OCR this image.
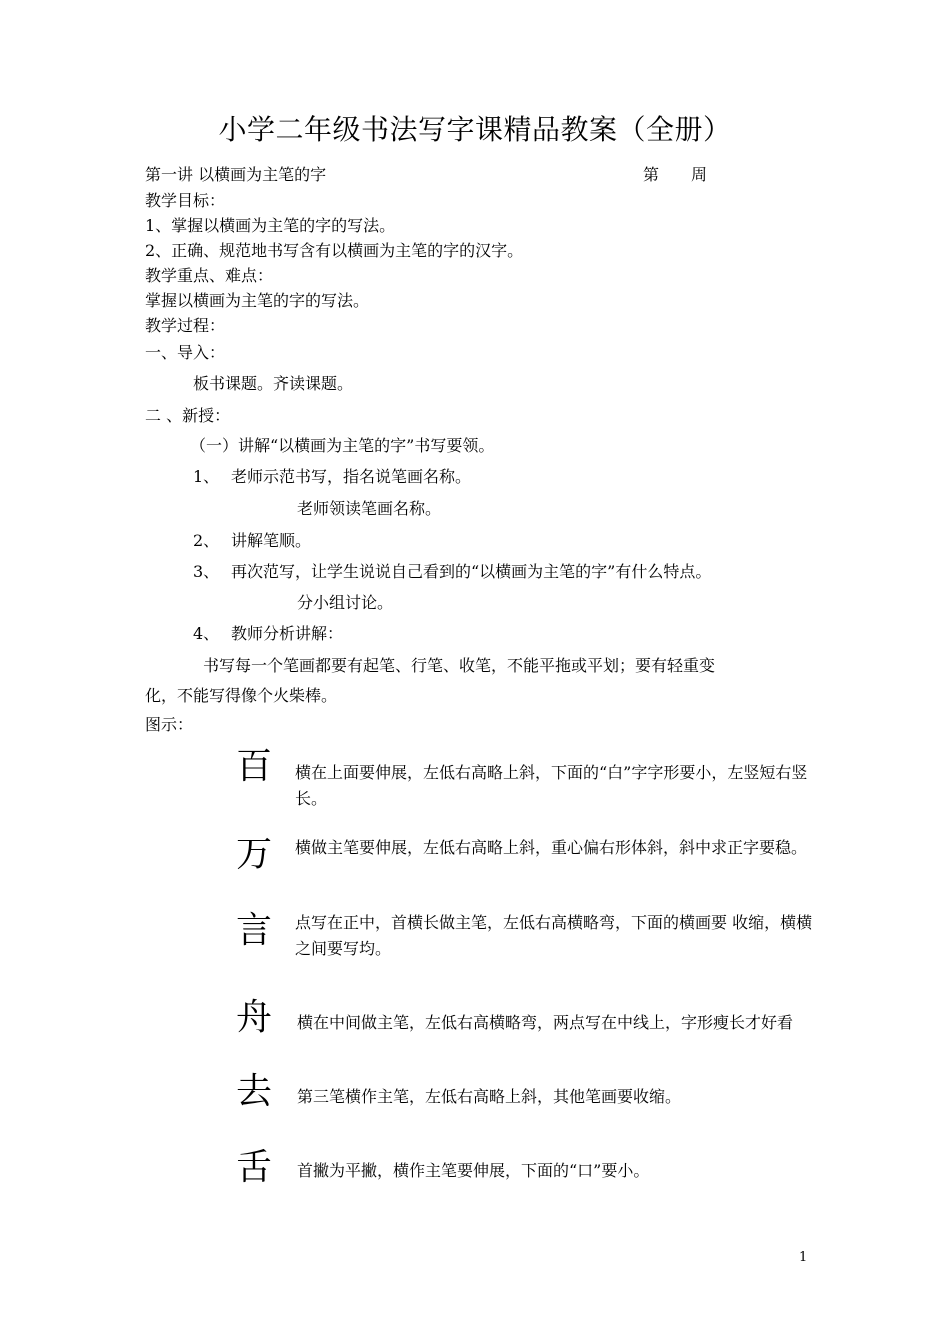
小学二年级书法写字课精品教案（全册）
第一讲 以横画为主笔的字	第 周
教学目标：
1、掌握以横画为主笔的字的写法。
2、正确、规范地书写含有以横画为主笔的字的汉字。
教学重点、难点：
掌握以横画为主笔的字的写法。
教学过程：
一、导入：
板书课题。齐读课题。
二 、新授：
（一）讲解“以横画为主笔的字”书写要领。
1、 老师示范书写，指名说笔画名称。
老师领读笔画名称。
2、 讲解笔顺。
3、 再次范写，让学生说说自己看到的“以横画为主笔的字”有什么特点。
分小组讨论。
4、 教师分析讲解：
书写每一个笔画都要有起笔、行笔、收笔，不能平拖或平划；要有轻重变
化，不能写得像个火柴棒。
图示：
百 横在上面要伸展，左低右高略上斜，下面的“白”字字形要小，左竖短右竖长。
万 横做主笔要伸展，左低右高略上斜，重心偏右形体斜，斜中求正字要稳。
言 点写在正中，首横长做主笔，左低右高横略弯，下面的横画要 收缩，横横之间要写均。
舟 横在中间做主笔，左低右高横略弯，两点写在中线上，字形瘦长才好看
去 第三笔横作主笔，左低右高略上斜，其他笔画要收缩。
舌 首撇为平撇，横作主笔要伸展，下面的“口”要小。
1
